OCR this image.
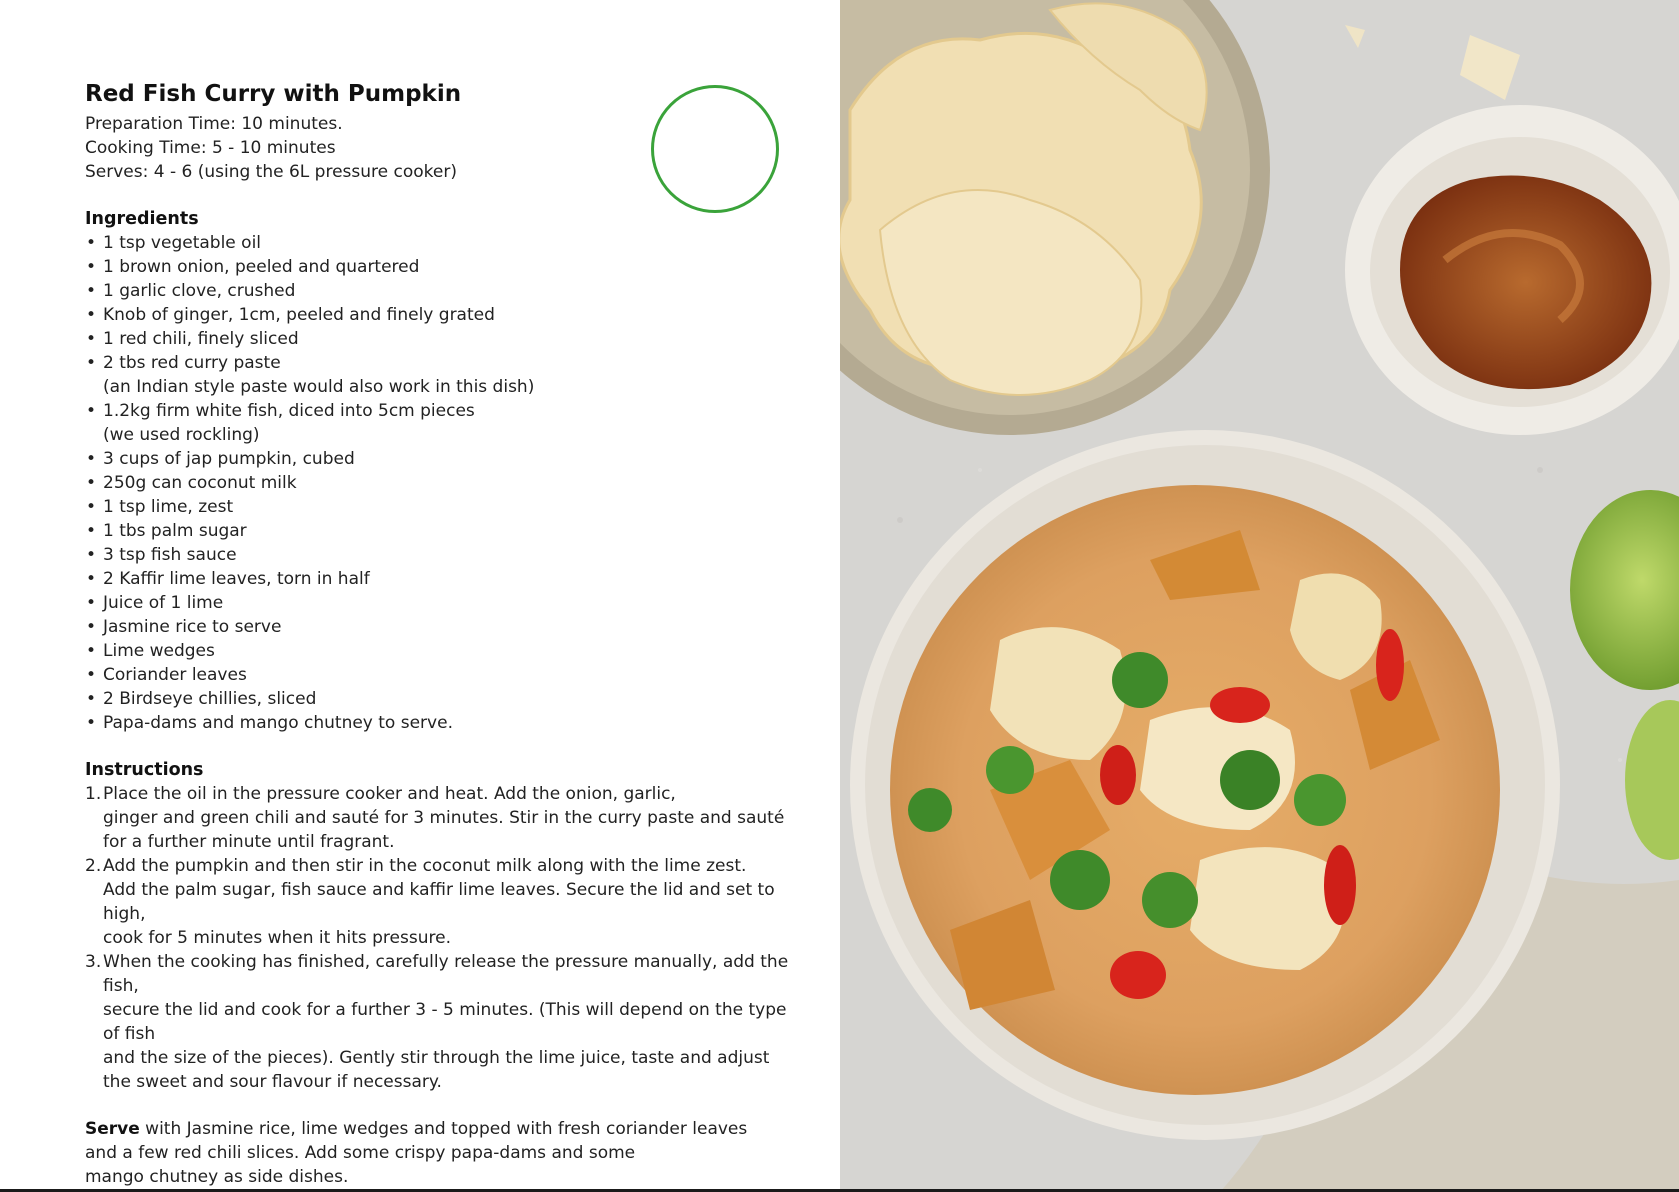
Red Fish Curry with Pumpkin

Preparation Time: 10 minutes.

Cooking Time: 5 - 10 minutes

Serves: 4 - 6 (using the 6L pressure cooker)

Ingredients

• 1 tsp vegetable oil
• 1 brown onion, peeled and quartered
• 1 garlic clove, crushed
• Knob of ginger, 1cm, peeled and finely grated
• 1 red chili, finely sliced
• 2 tbs red curry paste
(an Indian style paste would also work in this dish)
• 1.2kg firm white fish, diced into 5cm pieces
(we used rockling)
• 3 cups of jap pumpkin, cubed
• 250g can coconut milk
• 1 tsp lime, zest
• 1 tbs palm sugar
• 3 tsp fish sauce
• 2 Kaffir lime leaves, torn in half
• Juice of 1 lime
• Jasmine rice to serve
• Lime wedges
• Coriander leaves
• 2 Birdseye chillies, sliced
• Papa-dams and mango chutney to serve.

Instructions

1. Place the oil in the pressure cooker and heat. Add the onion, garlic,
ginger and green chili and sauté for 3 minutes. Stir in the curry paste and sauté
for a further minute until fragrant.
2. Add the pumpkin and then stir in the coconut milk along with the lime zest.
Add the palm sugar, fish sauce and kaffir lime leaves. Secure the lid and set to high,
cook for 5 minutes when it hits pressure.
3. When the cooking has finished, carefully release the pressure manually, add the fish,
secure the lid and cook for a further 3 - 5 minutes. (This will depend on the type of fish
and the size of the pieces). Gently stir through the lime juice, taste and adjust
the sweet and sour flavour if necessary.

Serve with Jasmine rice, lime wedges and topped with fresh coriander leaves
and a few red chili slices. Add some crispy papa-dams and some
mango chutney as side dishes.
